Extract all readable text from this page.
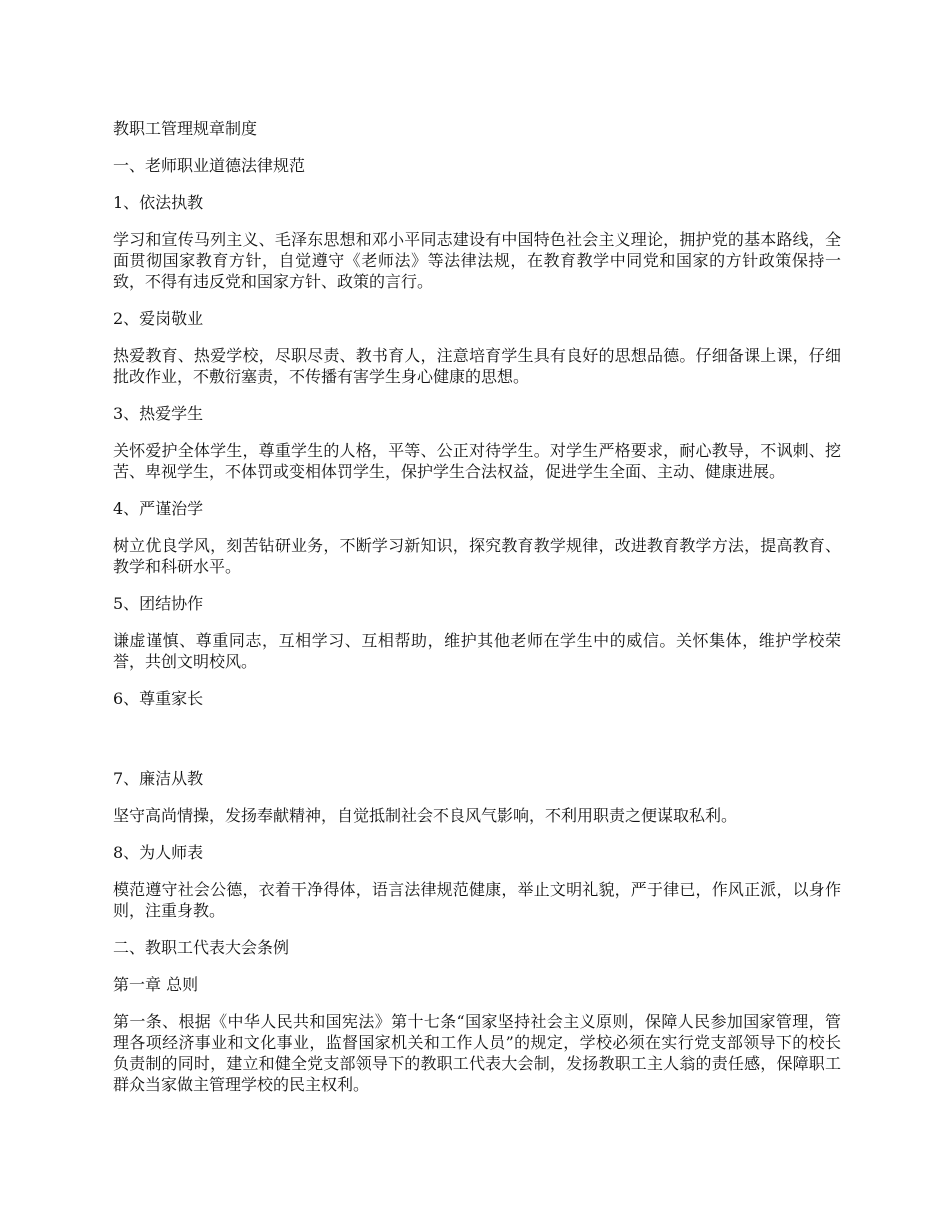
教职工管理规章制度

一、老师职业道德法律规范

1、依法执教

学习和宣传马列主义、毛泽东思想和邓小平同志建设有中国特色社会主义理论，拥护党的基本路线，全面贯彻国家教育方针，自觉遵守《老师法》等法律法规，在教育教学中同党和国家的方针政策保持一致，不得有违反党和国家方针、政策的言行。

2、爱岗敬业

热爱教育、热爱学校，尽职尽责、教书育人，注意培育学生具有良好的思想品德。仔细备课上课，仔细批改作业，不敷衍塞责，不传播有害学生身心健康的思想。

3、热爱学生

关怀爱护全体学生，尊重学生的人格，平等、公正对待学生。对学生严格要求，耐心教导，不讽刺、挖苦、卑视学生，不体罚或变相体罚学生，保护学生合法权益，促进学生全面、主动、健康进展。

4、严谨治学

树立优良学风，刻苦钻研业务，不断学习新知识，探究教育教学规律，改进教育教学方法，提高教育、教学和科研水平。

5、团结协作

谦虚谨慎、尊重同志，互相学习、互相帮助，维护其他老师在学生中的威信。关怀集体，维护学校荣誉，共创文明校风。

6、尊重家长

7、廉洁从教

坚守高尚情操，发扬奉献精神，自觉抵制社会不良风气影响，不利用职责之便谋取私利。

8、为人师表

模范遵守社会公德，衣着干净得体，语言法律规范健康，举止文明礼貌，严于律已，作风正派，以身作则，注重身教。

二、教职工代表大会条例

第一章 总则

第一条、根据《中华人民共和国宪法》第十七条“国家坚持社会主义原则，保障人民参加国家管理，管理各项经济事业和文化事业，监督国家机关和工作人员”的规定，学校必须在实行党支部领导下的校长负责制的同时，建立和健全党支部领导下的教职工代表大会制，发扬教职工主人翁的责任感，保障职工群众当家做主管理学校的民主权利。
